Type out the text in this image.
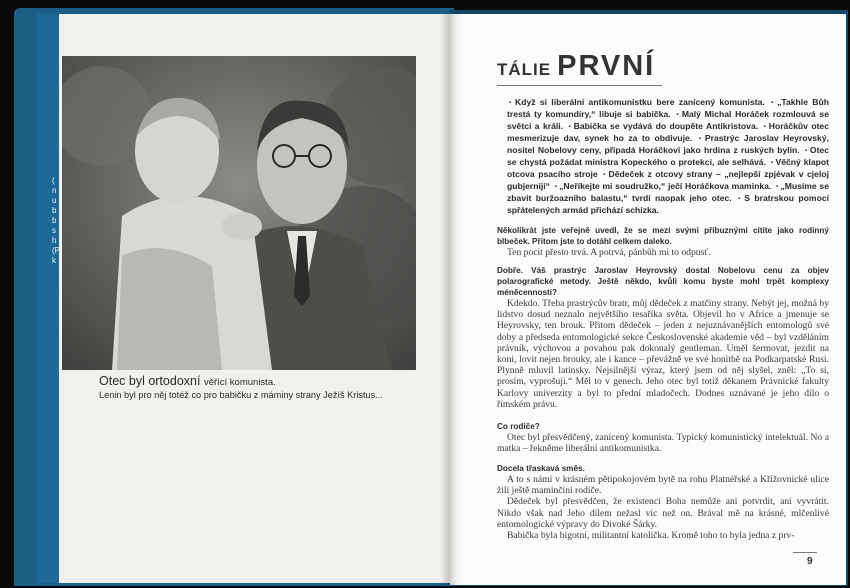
(
n
u
b
b
s
h
(P
k
Otec byl ortodoxní věřící komunista.
Lenin byl pro něj totéž co pro babičku z máminy strany Ježíš Kristus...
TÁLIE PRVNÍ
▪ Když si liberální antikomunistku bere zanícený komunista. ▪ „Takhle Bůh trestá ty komundíry,“ libuje si babička. ▪ Malý Michal Horáček rozmlouvá se světci a králi. ▪ Babička se vydává do doupěte Antikristova. ▪ Horáčkův otec mesmerizuje dav, synek ho za to obdivuje. ▪ Prastrýc Jaroslav Heyrovský, nositel Nobelovy ceny, připadá Horáčkovi jako hrdina z ruských bylin. ▪ Otec se chystá požádat ministra Kopeckého o protekci, ale selhává. ▪ Věčný klapot otcova psacího stroje ▪ Dědeček z otcovy strany – „nejlepší zpjévak v cjeloj gubjernijí“ ▪ „Neříkejte mi soudružko,“ ječí Horáčkova maminka. ▪ „Musíme se zbavit buržoazního balastu,“ tvrdí naopak jeho otec. ▪ S bratrskou pomocí spřátelených armád přichází schizka.

Několikrát jste veřejně uvedl, že se mezi svými příbuznými cítíte jako rodinný blbeček. Přitom jste to dotáhl celkem daleko.

Ten pocit přesto trvá. A potrvá, pánbůh mi to odpusť.

Dobře. Váš prastrýc Jaroslav Heyrovský dostal Nobelovu cenu za objev polarografické metody. Ještě někdo, kvůli komu byste mohl trpět komplexy méněcennosti?

Kdekdo. Třeba prastrýcův bratr, můj dědeček z matčiny strany. Nebýt jej, možná by lidstvo dosud neznalo největšího tesaříka světa. Objevil ho v Africe a jmenuje se Heyrovsky, ten brouk. Přitom dědeček – jeden z nejuznávanějších entomologů své doby a předseda entomologické sekce Československé akademie věd – byl vzděláním právník, výchovou a povahou pak dokonalý gentleman. Uměl šermovat, jezdit na koni, lovit nejen brouky, ale i kance – převážně ve své honitbě na Podkarpatské Rusi. Plynně mluvil latinsky. Nejsilnější výraz, který jsem od něj slyšel, zněl: „To si, prosím, vyprošuji.“ Měl to v genech. Jeho otec byl totiž děkanem Právnické fakulty Karlovy univerzity a byl to přední mladočech. Dodnes uznávané je jeho dílo o římském právu.

Co rodiče?

Otec byl přesvědčený, zanícený komunista. Typický komunistický intelektuál. No a matka – řekněme liberální antikomunistka.

Docela třaskavá směs.

A to s námi v krásném pětipokojovém bytě na rohu Platnéřské a Křižovnické ulice žili ještě maminčini rodiče.

Dědeček byl přesvědčen, že existenci Boha nemůže ani potvrdit, ani vyvrátit. Nikdo však nad Jeho dílem nežasl víc než on. Brával mě na krásné, mlčenlivé entomologické výpravy do Divoké Šárky.

Babička byla bigotní, militantní katolička. Kromě toho to byla jedna z prv-

9
